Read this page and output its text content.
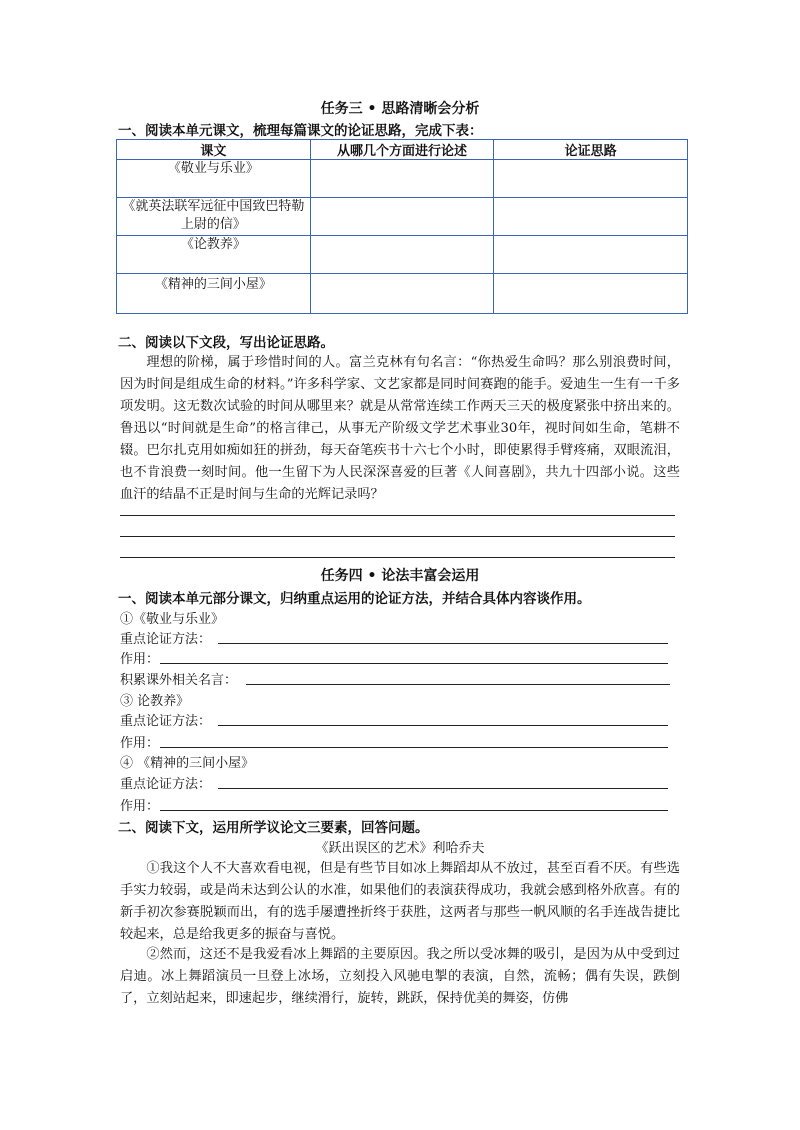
任务三 • 思路清晰会分析
一、阅读本单元课文，梳理每篇课文的论证思路，完成下表：
课文	从哪几个方面进行论述	论证思路
《敬业与乐业》		
《就英法联军远征中国致巴特勒上尉的信》		
《论教养》		
《精神的三间小屋》		
二、阅读以下文段，写出论证思路。

理想的阶梯，属于珍惜时间的人。富兰克林有句名言：“你热爱生命吗？那么别浪费时间，因为时间是组成生命的材料。”许多科学家、文艺家都是同时间赛跑的能手。爱迪生一生有一千多项发明。这无数次试验的时间从哪里来？就是从常常连续工作两天三天的极度紧张中挤出来的。鲁迅以“时间就是生命”的格言律己，从事无产阶级文学艺术事业30年，视时间如生命，笔耕不辍。巴尔扎克用如痴如狂的拼劲，每天奋笔疾书十六七个小时，即使累得手臂疼痛，双眼流泪，也不肯浪费一刻时间。他一生留下为人民深深喜爱的巨著《人间喜剧》，共九十四部小说。这些血汗的结晶不正是时间与生命的光辉记录吗？

任务四 • 论法丰富会运用
一、阅读本单元部分课文，归纳重点运用的论证方法，并结合具体内容谈作用。
①《敬业与乐业》
重点论证方法：
作用：
积累课外相关名言：
③ 论教养》
重点论证方法：
作用：
④ 《精神的三间小屋》
重点论证方法：
作用：
二、阅读下文，运用所学议论文三要素，回答问题。
《跃出误区的艺术》利哈乔夫

①我这个人不大喜欢看电视，但是有些节目如冰上舞蹈却从不放过，甚至百看不厌。有些选手实力较弱，或是尚未达到公认的水准，如果他们的表演获得成功，我就会感到格外欣喜。有的新手初次参赛脱颖而出，有的选手屡遭挫折终于获胜，这两者与那些一帆风顺的名手连战告捷比较起来，总是给我更多的振奋与喜悦。

②然而，这还不是我爱看冰上舞蹈的主要原因。我之所以受冰舞的吸引，是因为从中受到过启迪。冰上舞蹈演员一旦登上冰场，立刻投入风驰电掣的表演，自然，流畅；偶有失误，跌倒了，立刻站起来，即速起步，继续滑行，旋转，跳跃，保持优美的舞姿，仿佛
